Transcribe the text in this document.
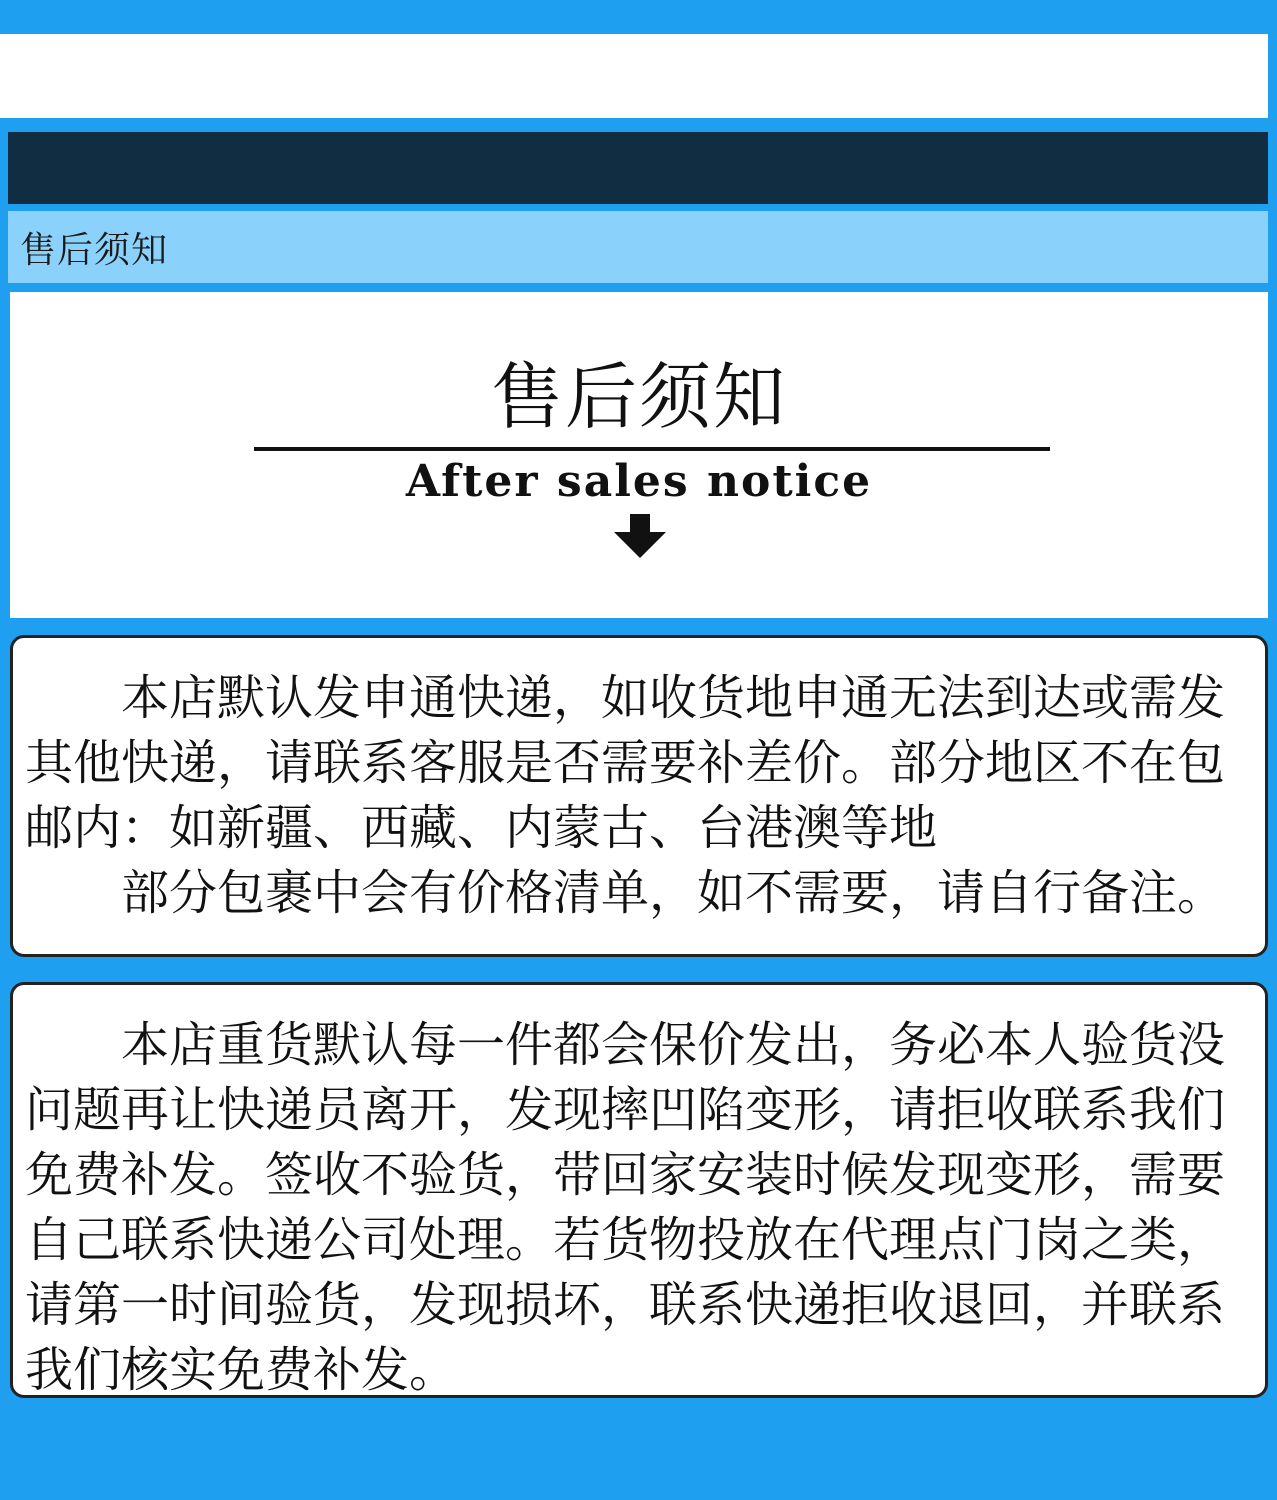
售后须知
售后须知
After sales notice

本店默认发申通快递，如收货地申通无法到达或需发其他快递，请联系客服是否需要补差价。部分地区不在包邮内：如新疆、西藏、内蒙古、台港澳等地

部分包裹中会有价格清单，如不需要，请自行备注。

本店重货默认每一件都会保价发出，务必本人验货没问题再让快递员离开，发现摔凹陷变形，请拒收联系我们免费补发。签收不验货，带回家安装时候发现变形，需要自己联系快递公司处理。若货物投放在代理点门岗之类，请第一时间验货，发现损坏，联系快递拒收退回，并联系我们核实免费补发。
